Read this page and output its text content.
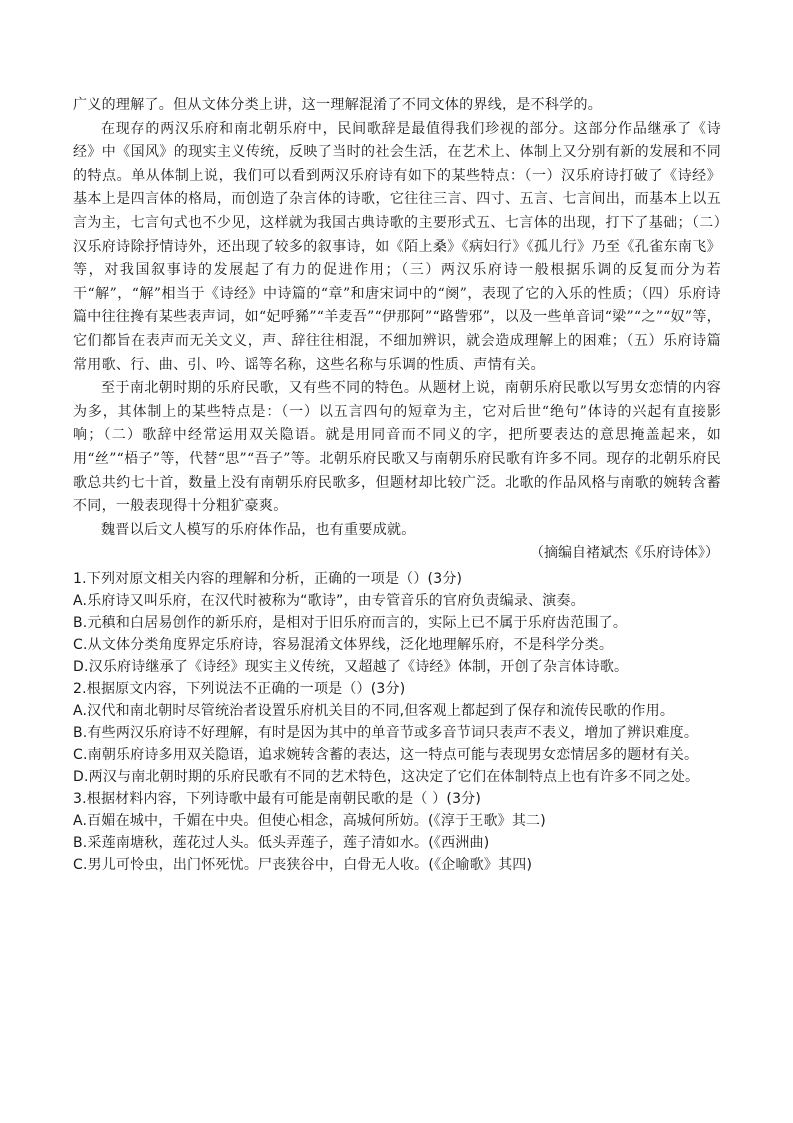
广义的理解了。但从文体分类上讲，这一理解混淆了不同文体的界线，是不科学的。

在现存的两汉乐府和南北朝乐府中，民间歌辞是最值得我们珍视的部分。这部分作品继承了《诗经》中《国风》的现实主义传统，反映了当时的社会生活，在艺术上、体制上又分别有新的发展和不同的特点。单从体制上说，我们可以看到两汉乐府诗有如下的某些特点：（一）汉乐府诗打破了《诗经》基本上是四言体的格局，而创造了杂言体的诗歌，它往往三言、四寸、五言、七言间出，而基本上以五言为主，七言句式也不少见，这样就为我国古典诗歌的主要形式五、七言体的出现，打下了基础；（二）汉乐府诗除抒情诗外，还出现了较多的叙事诗，如《陌上桑》《病妇行》《孤儿行》乃至《孔雀东南飞》等，对我国叙事诗的发展起了有力的促进作用；（三）两汉乐府诗一般根据乐调的反复而分为若干“解”，“解”相当于《诗经》中诗篇的“章”和唐宋词中的“阕”，表现了它的入乐的性质；（四）乐府诗篇中往往搀有某些表声词，如“妃呼豨”“羊麦吾”“伊那阿”“路訾邪”，以及一些单音词“梁”“之”“奴”等，它们都旨在表声而无关文义，声、辞往往相混，不细加辨识，就会造成理解上的困难；（五）乐府诗篇常用歌、行、曲、引、吟、谣等名称，这些名称与乐调的性质、声情有关。

至于南北朝时期的乐府民歌，又有些不同的特色。从题材上说，南朝乐府民歌以写男女恋情的内容为多，其体制上的某些特点是：（一）以五言四句的短章为主，它对后世“绝句”体诗的兴起有直接影响；（二）歌辞中经常运用双关隐语。就是用同音而不同义的字，把所要表达的意思掩盖起来，如用“丝”“梧子”等，代替“思”“吾子”等。北朝乐府民歌又与南朝乐府民歌有许多不同。现存的北朝乐府民歌总共约七十首，数量上没有南朝乐府民歌多，但题材却比较广泛。北歌的作品风格与南歌的婉转含蓄不同，一般表现得十分粗犷豪爽。

魏晋以后文人模写的乐府体作品，也有重要成就。

（摘编自褚斌杰《乐府诗体》）

1.下列对原文相关内容的理解和分析，正确的一项是（）(3分)

A.乐府诗又叫乐府，在汉代时被称为“歌诗”，由专管音乐的官府负责编录、演奏。

B.元稹和白居易创作的新乐府，是相对于旧乐府而言的，实际上已不属于乐府齿范围了。

C.从文体分类角度界定乐府诗，容易混淆文体界线，泛化地理解乐府，不是科学分类。

D.汉乐府诗继承了《诗经》现实主义传统，又超越了《诗经》体制，开创了杂言体诗歌。

2.根据原文内容，下列说法不正确的一项是（）(3分)

A.汉代和南北朝时尽管统治者设置乐府机关目的不同,但客观上都起到了保存和流传民歌的作用。

B.有些两汉乐府诗不好理解，有时是因为其中的单音节或多音节词只表声不表义，增加了辨识难度。

C.南朝乐府诗多用双关隐语，追求婉转含蓄的表达，这一特点可能与表现男女恋情居多的题材有关。

D.两汉与南北朝时期的乐府民歌有不同的艺术特色，这决定了它们在体制特点上也有许多不同之处。

3.根据材料内容，下列诗歌中最有可能是南朝民歌的是（ ）(3分)

A.百媚在城中，千媚在中央。但使心相念，高城何所妨。(《淳于王歌》其二)

B.采莲南塘秋，莲花过人头。低头弄莲子，莲子清如水。(《西洲曲)

C.男儿可怜虫，出门怀死忧。尸丧狭谷中，白骨无人收。(《企喻歌》其四)
